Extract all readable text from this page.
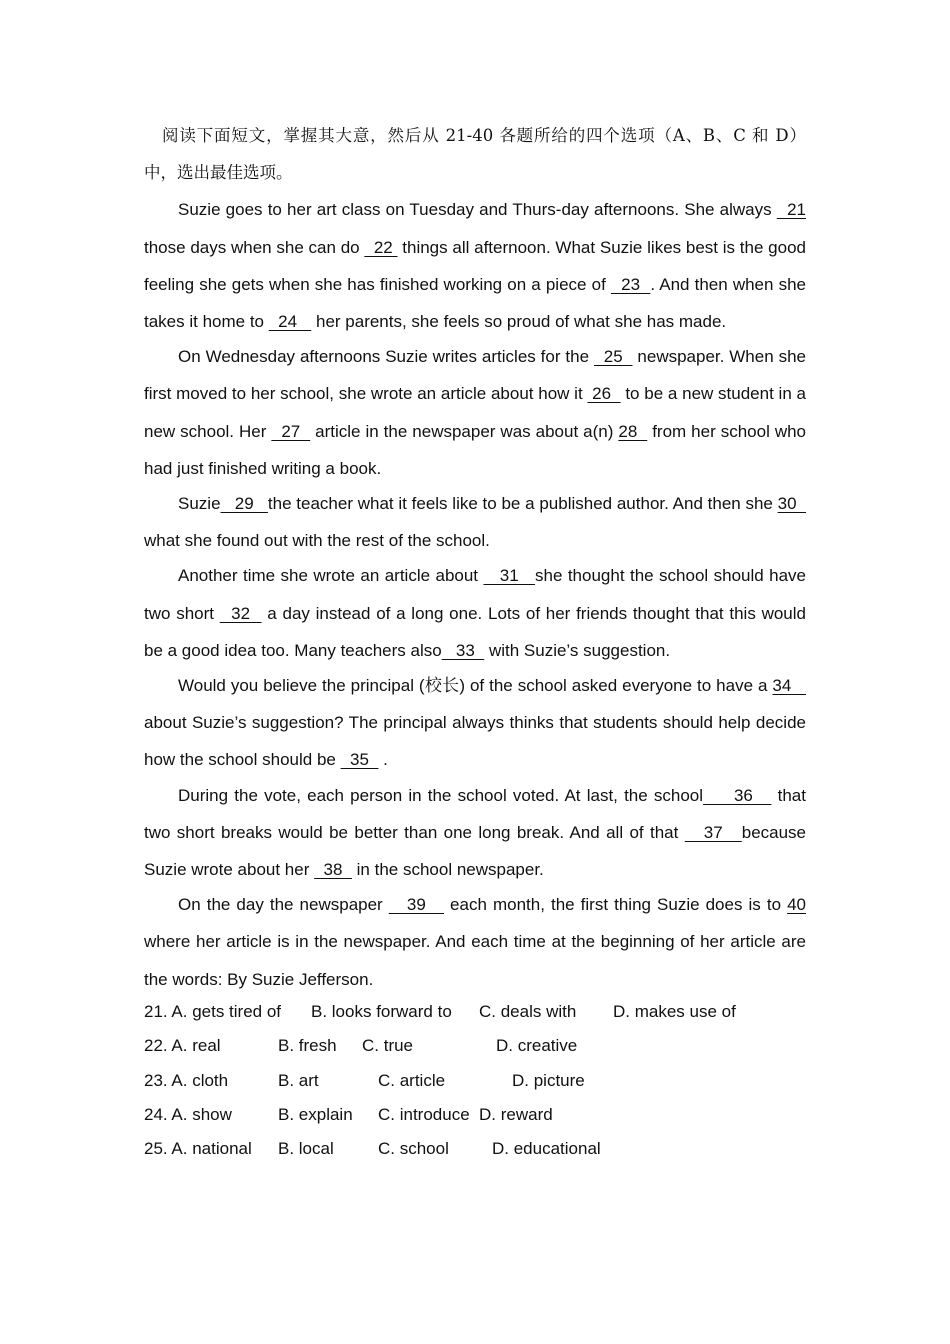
阅读下面短文，掌握其大意，然后从 21-40 各题所给的四个选项（A、B、C 和 D）中，选出最佳选项。

Suzie goes to her art class on Tuesday and Thurs-day afternoons. She always   21 those days when she can do   22  things all afternoon. What Suzie likes best is the good feeling she gets when she has finished working on a piece of   23  . And then when she takes it home to   24    her parents, she feels so proud of what she has made.

On Wednesday afternoons Suzie writes articles for the   25   newspaper. When she first moved to her school, she wrote an article about how it  26   to be a new student in a new school. Her   27   article in the newspaper was about a(n) 28   from her school who had just finished writing a book.

Suzie   29   the teacher what it feels like to be a published author. And then she 30   what she found out with the rest of the school.

Another time she wrote an article about    31   she thought the school should have two short   32   a day instead of a long one. Lots of her friends thought that this would be a good idea too. Many teachers also   33   with Suzie’s suggestion.

Would you believe the principal (校长) of the school asked everyone to have a 34    about Suzie’s suggestion? The principal always thinks that students should help decide how the school should be   35   .

During the vote, each person in the school voted. At last, the school     36    that two short breaks would be better than one long break. And all of that    37   because Suzie wrote about her   38   in the school newspaper.

On the day the newspaper    39    each month, the first thing Suzie does is to 40 where her article is in the newspaper. And each time at the beginning of her article are the words: By Suzie Jefferson.

21. A. gets tired of	B. looks forward to	C. deals with	D. makes use of
22. A. real	B. fresh	C. true	D. creative
23. A. cloth	B. art	C. article	D. picture
24. A. show	B. explain	C. introduce D. reward
25. A. national	B. local	C. school	D. educational
